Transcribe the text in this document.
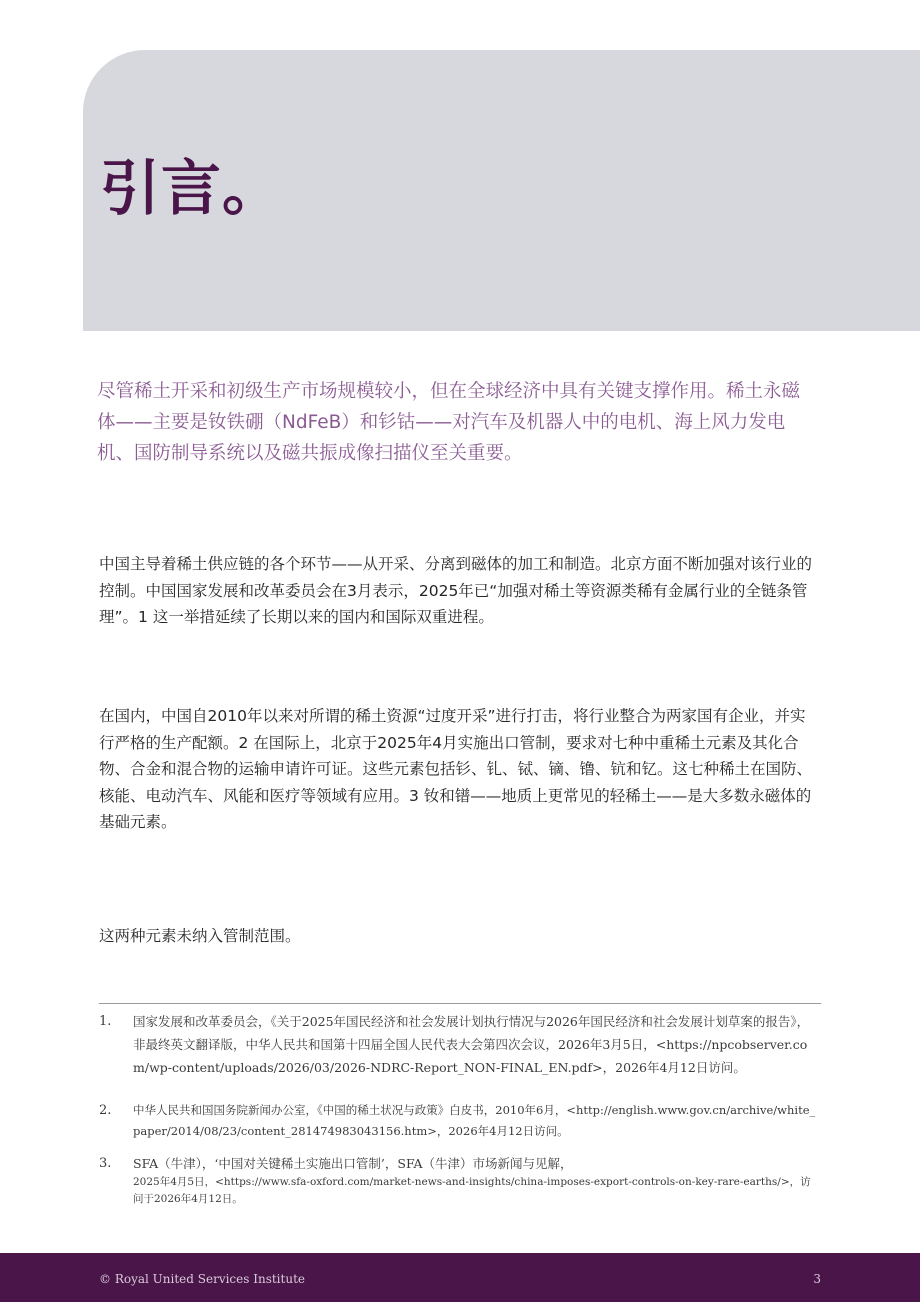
引言。

尽管稀土开采和初级生产市场规模较小，但在全球经济中具有关键支撑作用。稀土永磁体——主要是钕铁硼（NdFeB）和钐钴——对汽车及机器人中的电机、海上风力发电机、国防制导系统以及磁共振成像扫描仪至关重要。

中国主导着稀土供应链的各个环节——从开采、分离到磁体的加工和制造。北京方面不断加强对该行业的控制。中国国家发展和改革委员会在3月表示，2025年已“加强对稀土等资源类稀有金属行业的全链条管理”。1 这一举措延续了长期以来的国内和国际双重进程。

在国内，中国自2010年以来对所谓的稀土资源“过度开采”进行打击，将行业整合为两家国有企业，并实行严格的生产配额。2 在国际上，北京于2025年4月实施出口管制，要求对七种中重稀土元素及其化合物、合金和混合物的运输申请许可证。这些元素包括钐、钆、铽、镝、镥、钪和钇。这七种稀土在国防、核能、电动汽车、风能和医疗等领域有应用。3 钕和镨——地质上更常见的轻稀土——是大多数永磁体的基础元素。

这两种元素未纳入管制范围。

1.	国家发展和改革委员会，《关于2025年国民经济和社会发展计划执行情况与2026年国民经济和社会发展计划草案的报告》，非最终英文翻译版，中华人民共和国第十四届全国人民代表大会第四次会议，2026年3月5日，<https://npcobserver.com/wp-content/uploads/2026/03/2026-NDRC-Report_NON-FINAL_EN.pdf>，2026年4月12日访问。
2.	中华人民共和国国务院新闻办公室，《中国的稀土状况与政策》白皮书，2010年6月，<http://english.www.gov.cn/archive/white_paper/2014/08/23/content_281474983043156.htm>，2026年4月12日访问。
3.	SFA（牛津），‘中国对关键稀土实施出口管制’，SFA（牛津）市场新闻与见解，
2025年4月5日，<https://www.sfa-oxford.com/market-news-and-insights/china-imposes-export-controls-on-key-rare-earths/>，访问于2026年4月12日。
© Royal United Services Institute	3
